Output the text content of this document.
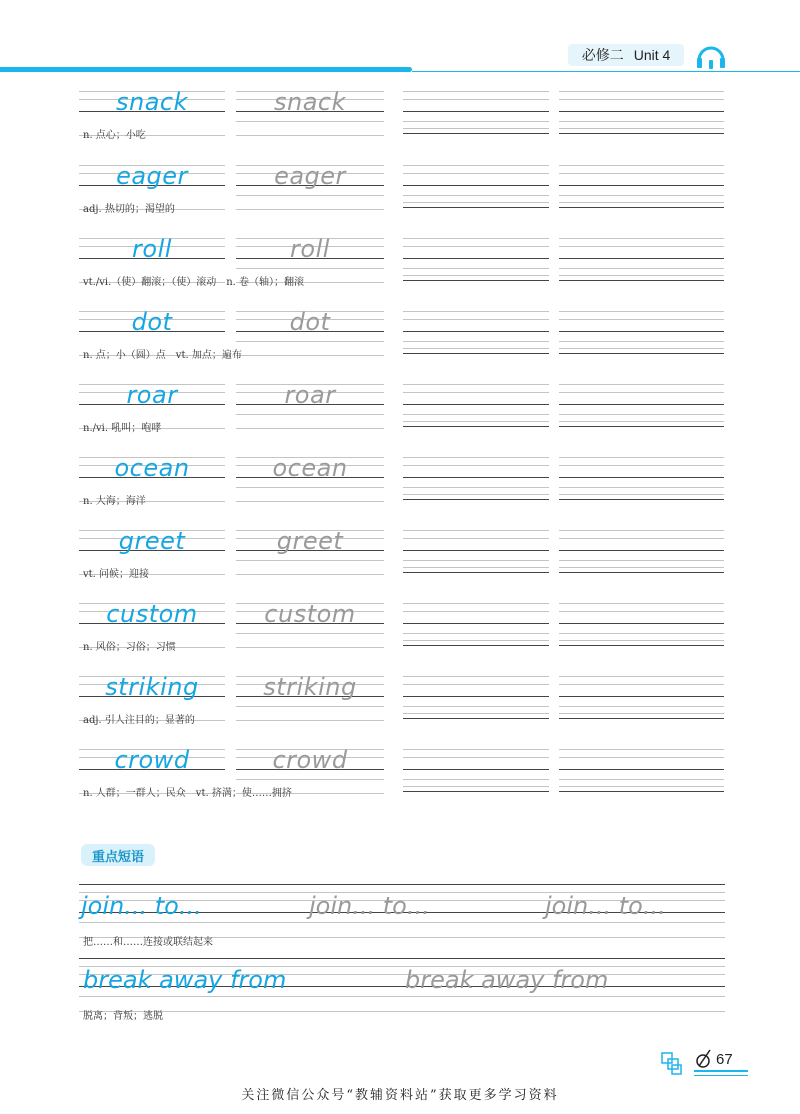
必修二 Unit 4
snack	snack
n. 点心；小吃
eager	eager
adj. 热切的；渴望的
roll	roll
vt./vi.（使）翻滚；（使）滚动　n. 卷（轴）；翻滚
dot	dot
n. 点；小（圆）点　vt. 加点；遍布
roar	roar
n./vi. 吼叫；咆哮
ocean	ocean
n. 大海；海洋
greet	greet
vt. 问候；迎接
custom	custom
n. 风俗；习俗；习惯
striking	striking
adj. 引人注目的；显著的
crowd	crowd
n. 人群；一群人；民众　vt. 挤满；使……拥挤
重点短语
join... to...	join... to...	join... to...
把……和……连接或联结起来
break away from	break away from
脱离；背叛；逃脱
67
关注微信公众号“教辅资料站”获取更多学习资料
